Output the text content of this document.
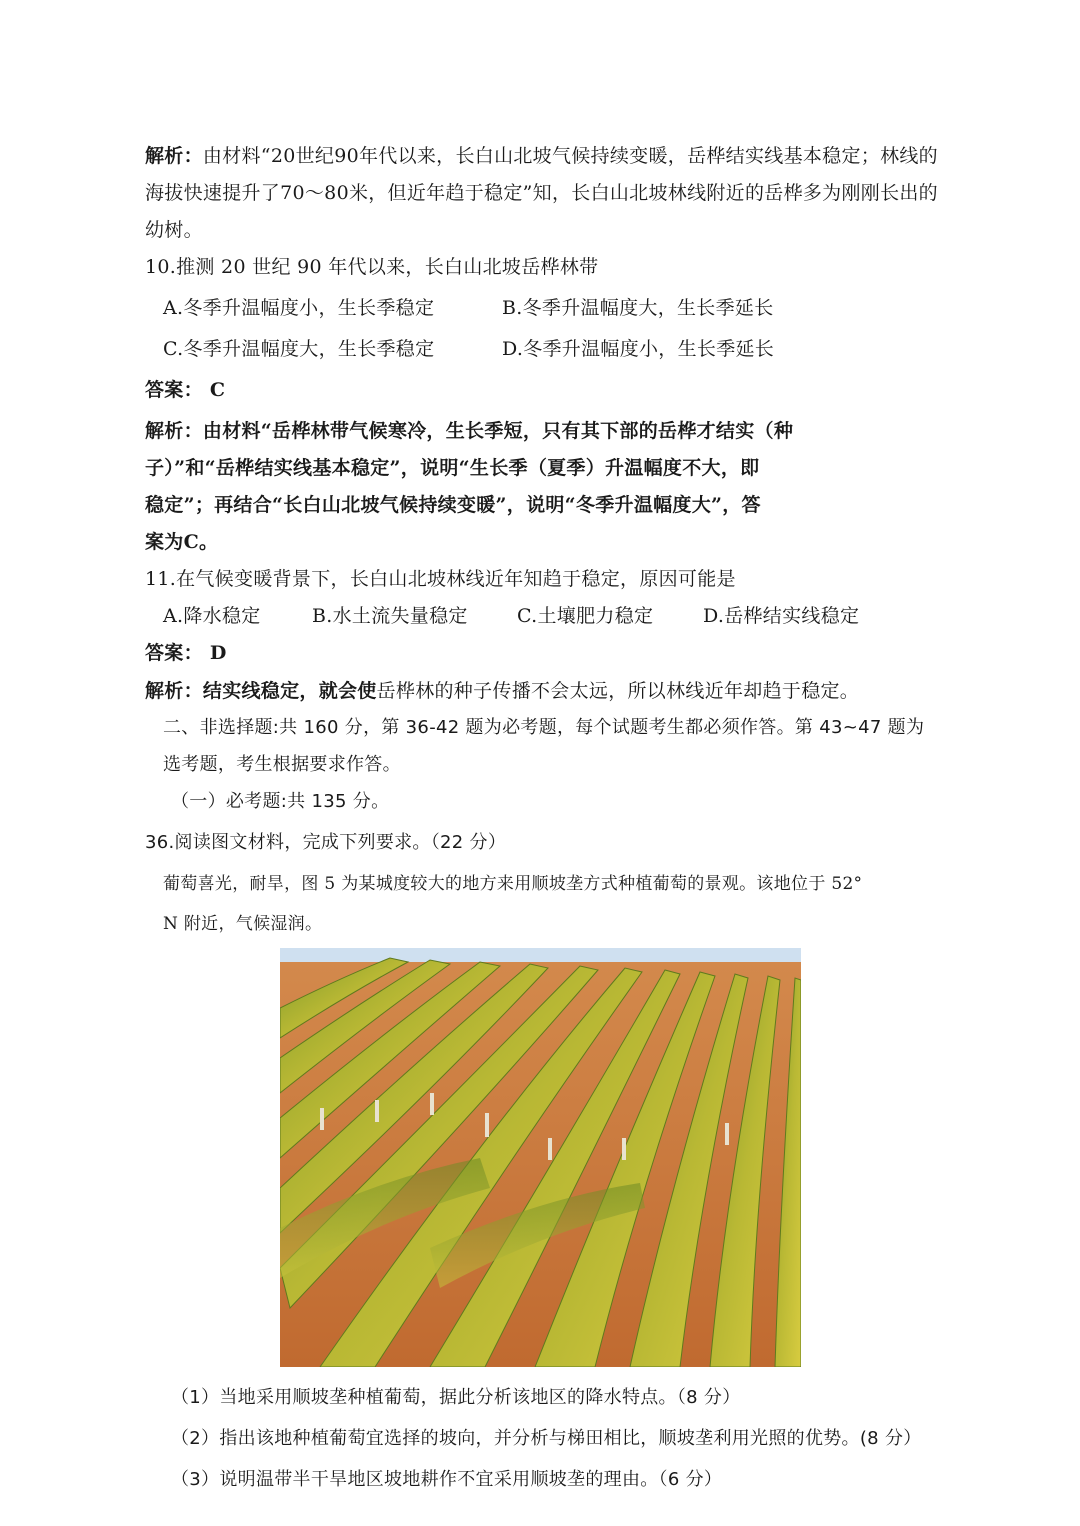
解析：由材料“20世纪90年代以来，长白山北坡气候持续变暖，岳桦结实线基本稳定；林线的
海拔快速提升了70～80米，但近年趋于稳定”知，长白山北坡林线附近的岳桦多为刚刚长出的
幼树。
10.推测 20 世纪 90 年代以来，长白山北坡岳桦林带
A.冬季升温幅度小，生长季稳定	B.冬季升温幅度大，生长季延长
C.冬季升温幅度大，生长季稳定	D.冬季升温幅度小，生长季延长
答案： C
解析：由材料“岳桦林带气候寒冷，生长季短，只有其下部的岳桦才结实（种
子）”和“岳桦结实线基本稳定”，说明“生长季（夏季）升温幅度不大，即
稳定”；再结合“长白山北坡气候持续变暖”，说明“冬季升温幅度大”，答
案为C。
11.在气候变暖背景下，长白山北坡林线近年知趋于稳定，原因可能是
A.降水稳定	B.水土流失量稳定	C.土壤肥力稳定	D.岳桦结实线稳定
答案： D
解析：结实线稳定，就会使岳桦林的种子传播不会太远，所以林线近年却趋于稳定。
二、非选择题:共 160 分，第 36-42 题为必考题，每个试题考生都必须作答。第 43~47 题为
选考题，考生根据要求作答。
（一）必考题:共 135 分。
36.阅读图文材料，完成下列要求。（22 分）
葡萄喜光，耐旱，图 5 为某城度较大的地方来用顺坡垄方式种植葡萄的景观。该地位于 52°
N 附近，气候湿润。
（1）当地采用顺坡垄种植葡萄，据此分析该地区的降水特点。（8 分）
（2）指出该地种植葡萄宜选择的坡向，并分析与梯田相比，顺坡垄利用光照的优势。(8 分）
（3）说明温带半干旱地区坡地耕作不宜采用顺坡垄的理由。（6 分）
